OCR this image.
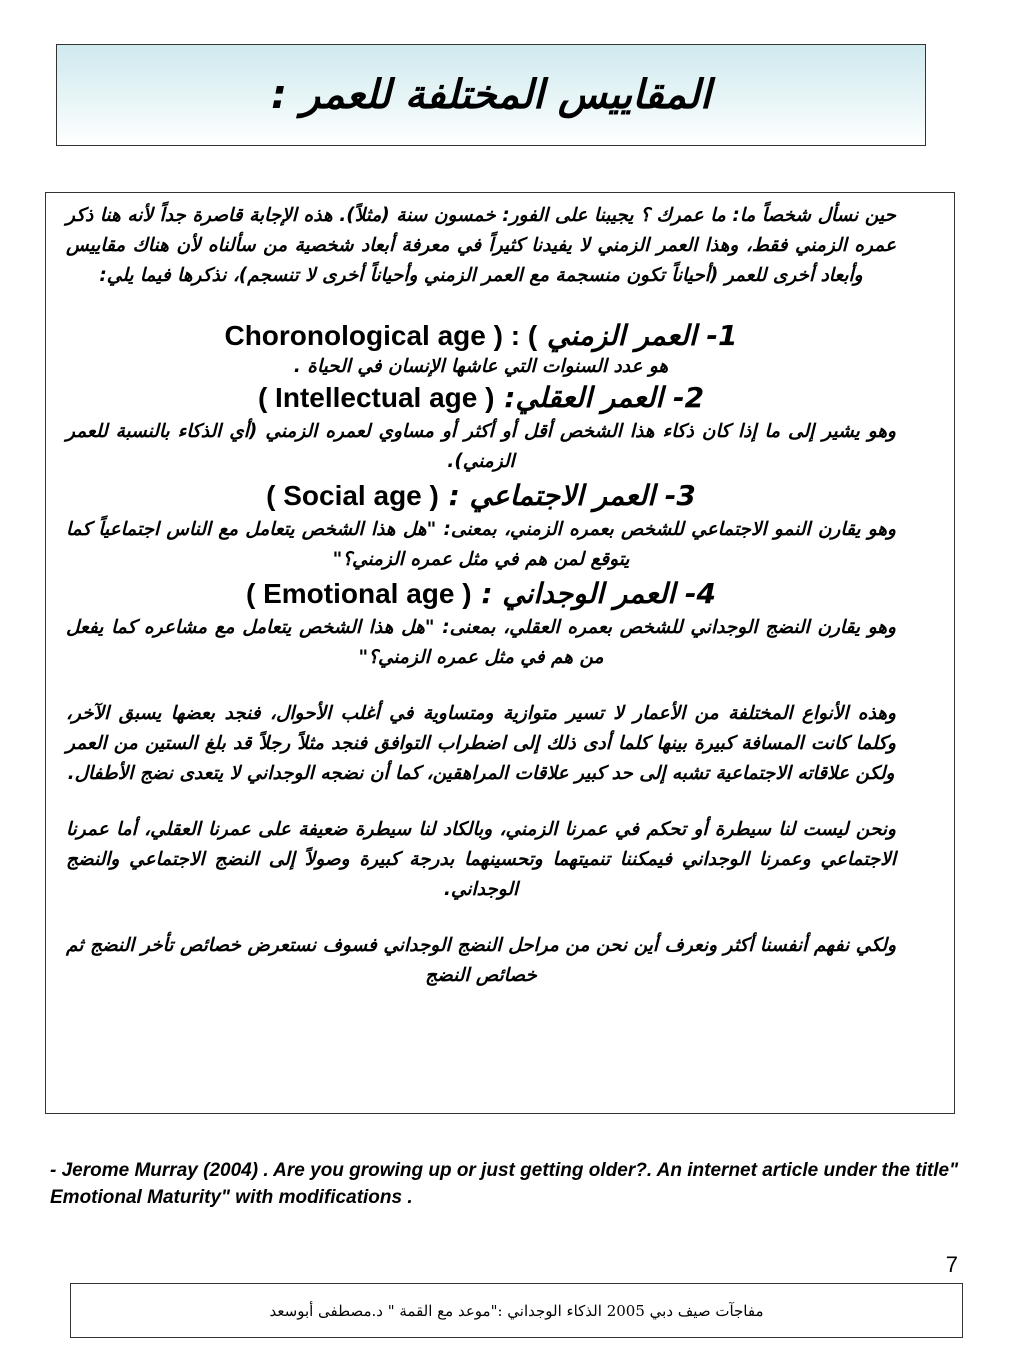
المقاييس المختلفة للعمر :

حين نسأل شخصاً ما: ما عمرك ؟ يجيبنا على الفور: خمسون سنة (مثلاً). هذه الإجابة قاصرة جداً لأنه هنا ذكر عمره الزمني فقط، وهذا العمر الزمني لا يفيدنا كثيراً في معرفة أبعاد شخصية من سألناه لأن هناك مقاييس وأبعاد أخرى للعمر (أحياناً تكون منسجمة مع العمر الزمني وأحياناً أخرى لا تنسجم)، نذكرها فيما يلي:

1- العمر الزمني Choronological age ) : (

هو عدد السنوات التي عاشها الإنسان في الحياة .

2- العمر العقلي: ( Intellectual age )

وهو يشير إلى ما إذا كان ذكاء هذا الشخص أقل أو أكثر أو مساوي لعمره الزمني (أي الذكاء بالنسبة للعمر الزمني).

3- العمر الاجتماعي : ( Social age )

وهو يقارن النمو الاجتماعي للشخص بعمره الزمني، بمعنى: "هل هذا الشخص يتعامل مع الناس اجتماعياً كما يتوقع لمن هم في مثل عمره الزمني؟"

4- العمر الوجداني : ( Emotional age )

وهو يقارن النضج الوجداني للشخص بعمره العقلي، بمعنى: "هل هذا الشخص يتعامل مع مشاعره كما يفعل من هم في مثل عمره الزمني؟"

وهذه الأنواع المختلفة من الأعمار لا تسير متوازية ومتساوية في أغلب الأحوال، فنجد بعضها يسبق الآخر، وكلما كانت المسافة كبيرة بينها كلما أدى ذلك إلى اضطراب التوافق فنجد مثلاً رجلاً قد بلغ الستين من العمر ولكن علاقاته الاجتماعية تشبه إلى حد كبير علاقات المراهقين، كما أن نضجه الوجداني لا يتعدى نضج الأطفال.

ونحن ليست لنا سيطرة أو تحكم في عمرنا الزمني، وبالكاد لنا سيطرة ضعيفة على عمرنا العقلي، أما عمرنا الاجتماعي وعمرنا الوجداني فيمكننا تنميتهما وتحسينهما بدرجة كبيرة وصولاً إلى النضج الاجتماعي والنضج الوجداني.

ولكي نفهم أنفسنا أكثر ونعرف أين نحن من مراحل النضج الوجداني فسوف نستعرض خصائص تأخر النضج ثم خصائص النضج

- Jerome Murray (2004) . Are you growing up or just getting older?. An internet article under the title" Emotional Maturity" with modifications .

7
مفاجآت صيف دبي 2005 الذكاء الوجداني :"موعد مع القمة " د.مصطفى أبوسعد
